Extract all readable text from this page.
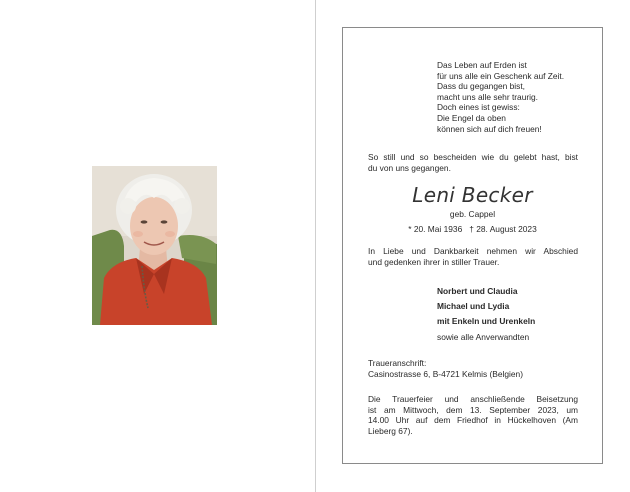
Das Leben auf Erden ist
für uns alle ein Geschenk auf Zeit.
Dass du gegangen bist,
macht uns alle sehr traurig.
Doch eines ist gewiss:
Die Engel da oben
können sich auf dich freuen!
So still und so bescheiden wie du gelebt hast, bist
du von uns gegangen.
Leni Becker
geb. Cappel
* 20. Mai 1936   † 28. August 2023
In Liebe und Dankbarkeit nehmen wir Abschied
und gedenken ihrer in stiller Trauer.
Norbert und Claudia
Michael und Lydia
mit Enkeln und Urenkeln
sowie alle Anverwandten
Traueranschrift:
Casinostrasse 6, B-4721 Kelmis (Belgien)
Die Trauerfeier und anschließende Beisetzung
ist am Mittwoch, dem 13. September 2023, um
14.00 Uhr auf dem Friedhof in Hückelhoven (Am
Lieberg 67).
